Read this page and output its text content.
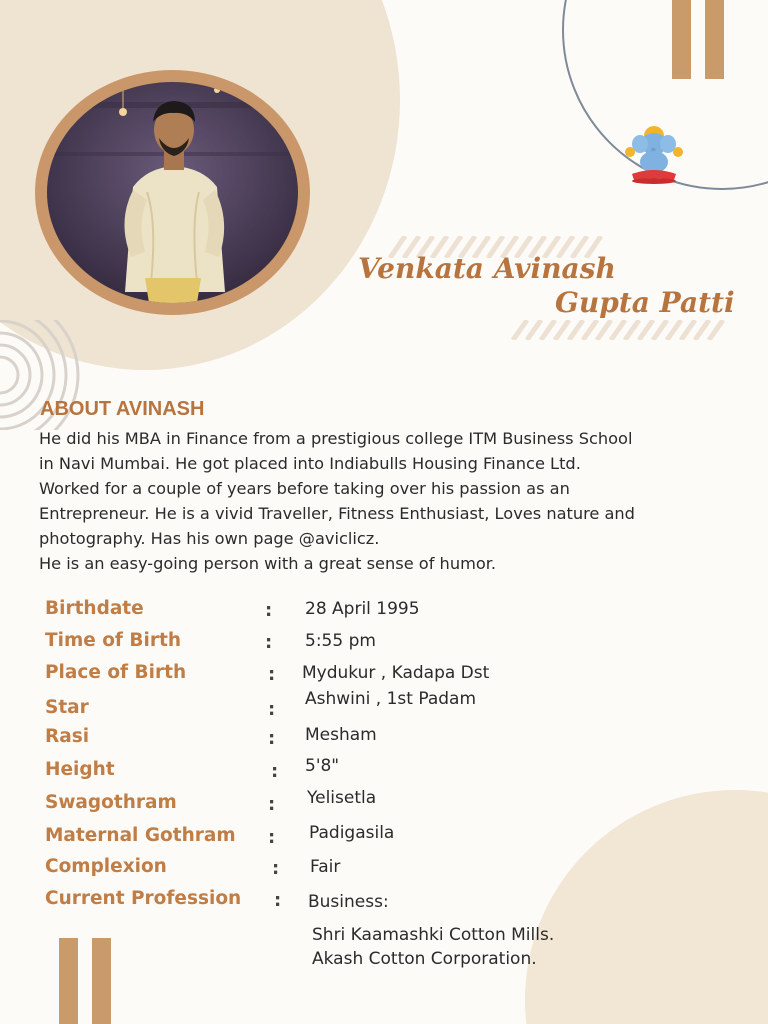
Venkata Avinash
Gupta Patti
ABOUT AVINASH

He did his MBA in Finance from a prestigious college ITM Business School
in Navi Mumbai. He got placed into Indiabulls Housing Finance Ltd.
Worked for a couple of years before taking over his passion as an
Entrepreneur. He is a vivid Traveller, Fitness Enthusiast, Loves nature and
photography. Has his own page @aviclicz.
He is an easy-going person with a great sense of humor.

Birthdate	: 28 April 1995
Time of Birth	: 5:55 pm
Place of Birth	: Mydukur , Kadapa Dst
Star	: Ashwini , 1st Padam
Rasi	: Mesham
Height	: 5'8"
Swagothram	: Yelisetla
Maternal Gothram : Padigasila
Complexion	: Fair
Current Profession : Business:
Shri Kaamashki Cotton Mills.
Akash Cotton Corporation.
